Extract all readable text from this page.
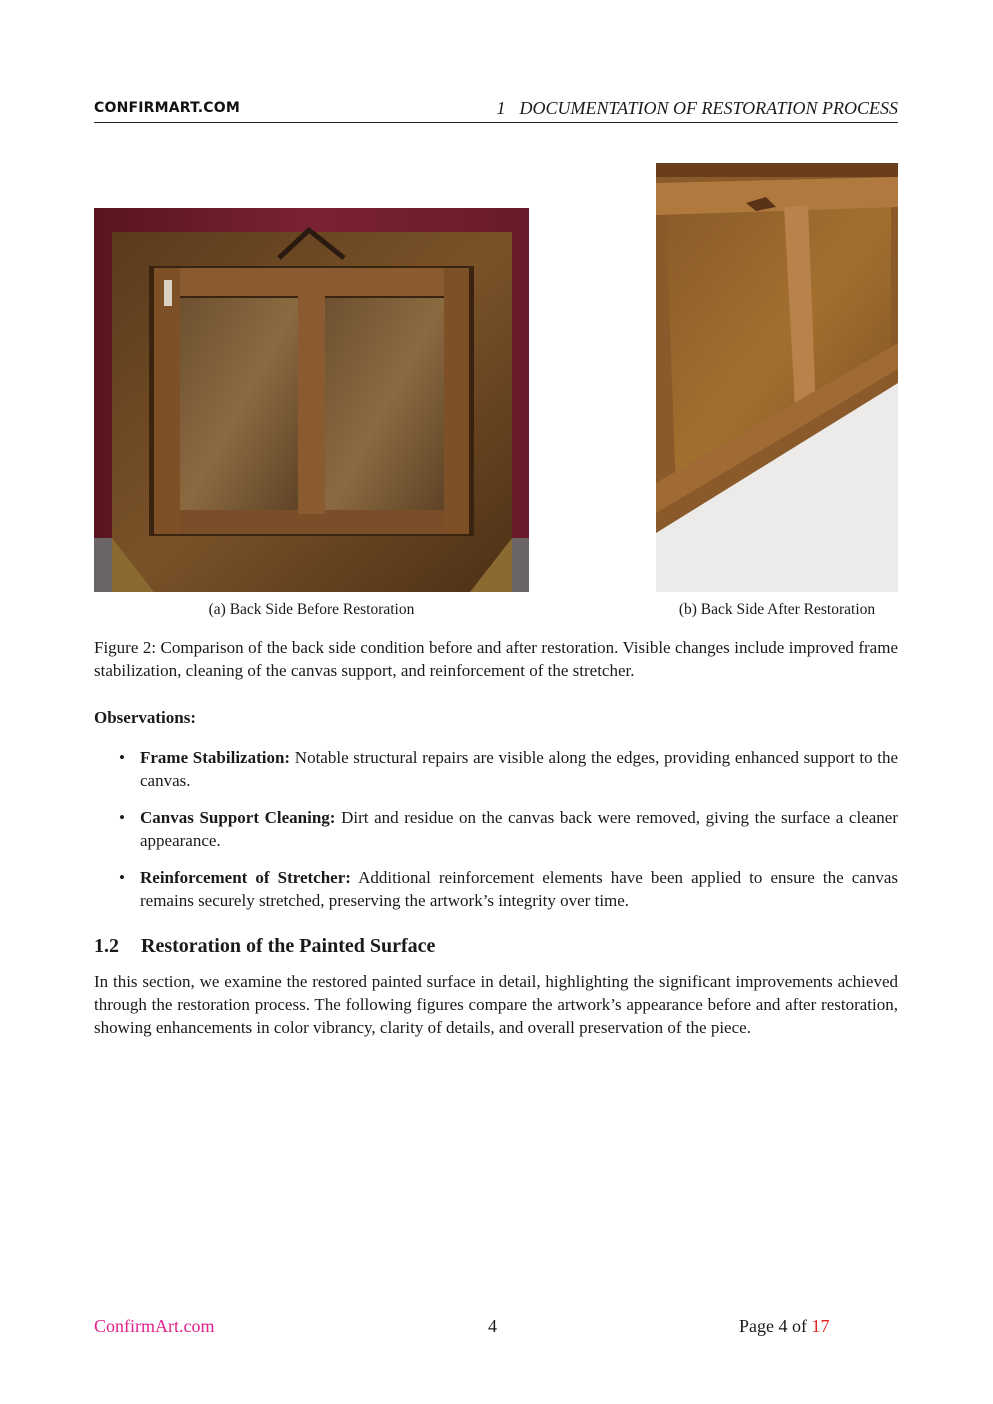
CONFIRMART.COM	1 DOCUMENTATION OF RESTORATION PROCESS
(a) Back Side Before Restoration	(b) Back Side After Restoration
Figure 2: Comparison of the back side condition before and after restoration. Visible changes include improved frame stabilization, cleaning of the canvas support, and reinforcement of the stretcher.
Observations:
• Frame Stabilization: Notable structural repairs are visible along the edges, providing enhanced support to the canvas.
• Canvas Support Cleaning: Dirt and residue on the canvas back were removed, giving the surface a cleaner appearance.
• Reinforcement of Stretcher: Additional reinforcement elements have been applied to ensure the canvas remains securely stretched, preserving the artwork’s integrity over time.
1.2 Restoration of the Painted Surface
In this section, we examine the restored painted surface in detail, highlighting the significant improvements achieved through the restoration process. The following figures compare the artwork’s appearance before and after restoration, showing enhancements in color vibrancy, clarity of details, and overall preservation of the piece.
ConfirmArt.com	4	Page 4 of 17
